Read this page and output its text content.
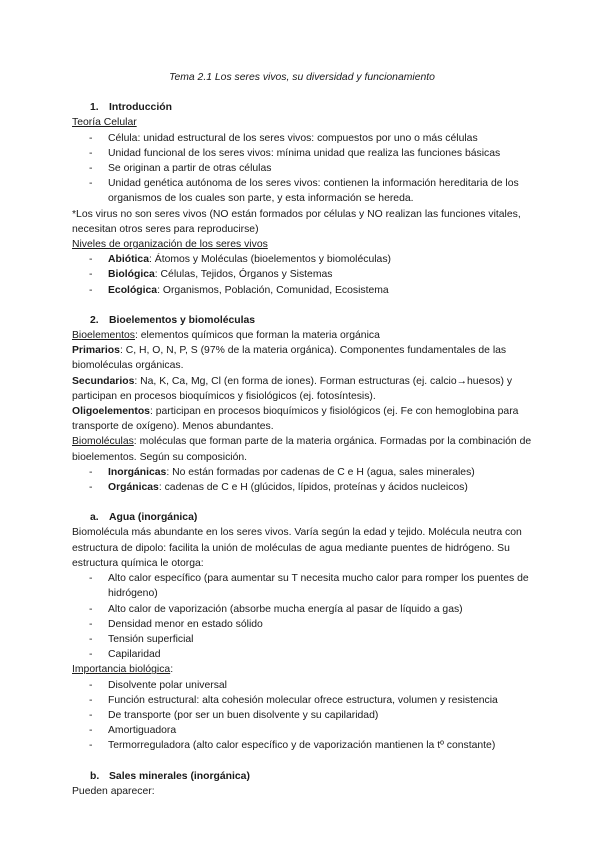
Tema 2.1 Los seres vivos, su diversidad y funcionamiento
1. Introducción

Teoría Celular

- Célula: unidad estructural de los seres vivos: compuestos por uno o más células
- Unidad funcional de los seres vivos: mínima unidad que realiza las funciones básicas
- Se originan a partir de otras células
- Unidad genética autónoma de los seres vivos: contienen la información hereditaria de los organismos de los cuales son parte, y esta información se hereda.

*Los virus no son seres vivos (NO están formados por células y NO realizan las funciones vitales, necesitan otros seres para reproducirse)

Niveles de organización de los seres vivos

- Abiótica: Átomos y Moléculas (bioelementos y biomoléculas)
- Biológica: Células, Tejidos, Órganos y Sistemas
- Ecológica: Organismos, Población, Comunidad, Ecosistema
2. Bioelementos y biomoléculas

Bioelementos: elementos químicos que forman la materia orgánica

Primarios: C, H, O, N, P, S (97% de la materia orgánica). Componentes fundamentales de las biomoléculas orgánicas.

Secundarios: Na, K, Ca, Mg, Cl (en forma de iones). Forman estructuras (ej. calcio→huesos) y participan en procesos bioquímicos y fisiológicos (ej. fotosíntesis).

Oligoelementos: participan en procesos bioquímicos y fisiológicos (ej. Fe con hemoglobina para transporte de oxígeno). Menos abundantes.

Biomoléculas: moléculas que forman parte de la materia orgánica. Formadas por la combinación de bioelementos. Según su composición.

- Inorgánicas: No están formadas por cadenas de C e H (agua, sales minerales)
- Orgánicas: cadenas de C e H (glúcidos, lípidos, proteínas y ácidos nucleicos)
a. Agua (inorgánica)

Biomolécula más abundante en los seres vivos. Varía según la edad y tejido. Molécula neutra con estructura de dipolo: facilita la unión de moléculas de agua mediante puentes de hidrógeno. Su estructura química le otorga:

- Alto calor específico (para aumentar su T necesita mucho calor para romper los puentes de hidrógeno)
- Alto calor de vaporización (absorbe mucha energía al pasar de líquido a gas)
- Densidad menor en estado sólido
- Tensión superficial
- Capilaridad

Importancia biológica:

- Disolvente polar universal
- Función estructural: alta cohesión molecular ofrece estructura, volumen y resistencia
- De transporte (por ser un buen disolvente y su capilaridad)
- Amortiguadora
- Termorreguladora (alto calor específico y de vaporización mantienen la tº constante)
b. Sales minerales (inorgánica)

Pueden aparecer:
